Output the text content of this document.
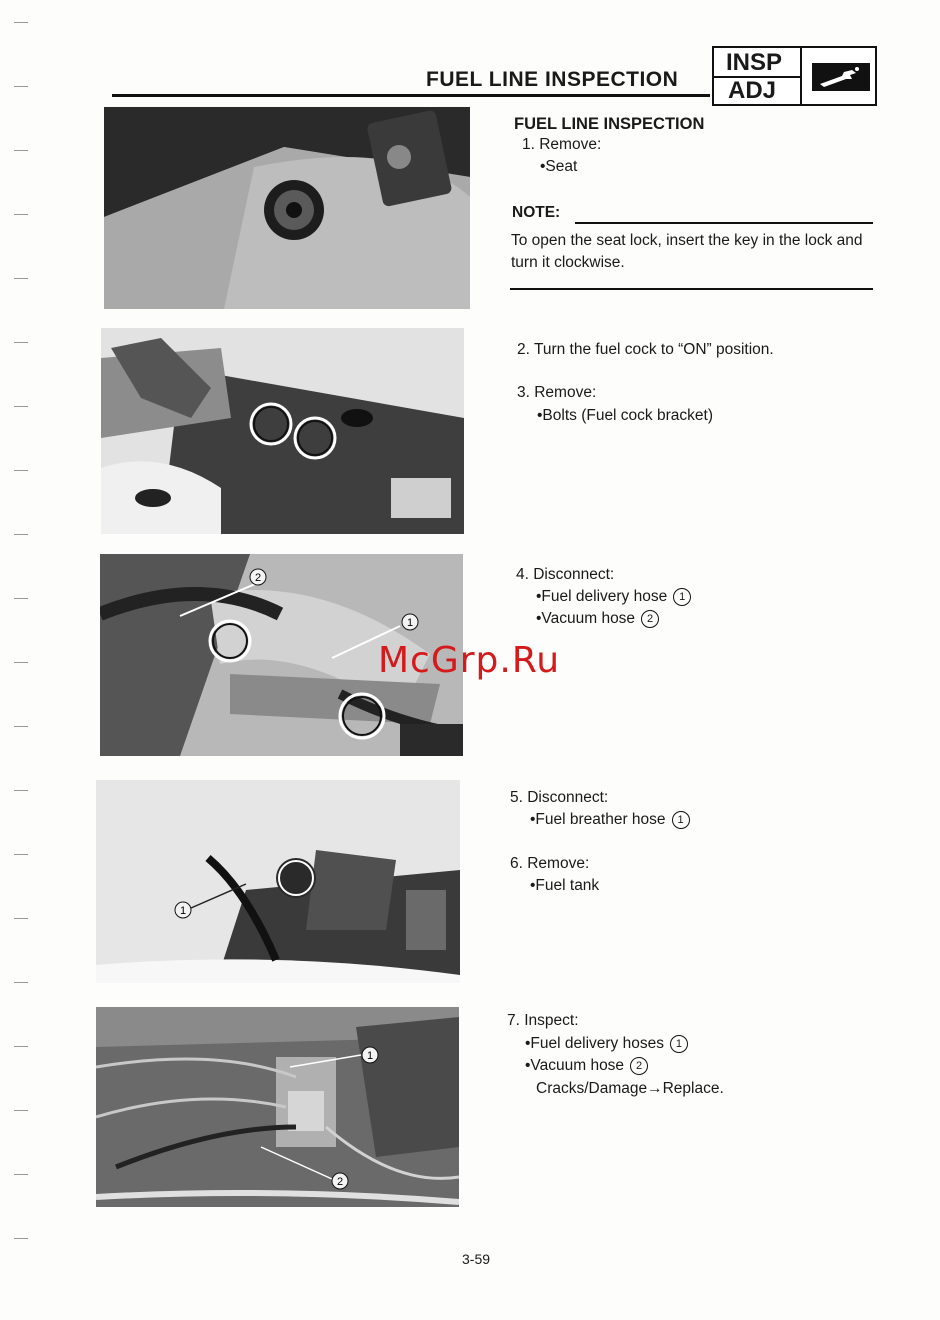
FUEL LINE INSPECTION
INSP
ADJ
2
1
1
1
2
FUEL LINE INSPECTION
1. Remove:
•Seat
NOTE:
To open the seat lock, insert the key in the lock and turn it clockwise.
2. Turn the fuel cock to “ON” position.
3. Remove:
•Bolts (Fuel cock bracket)
4. Disconnect:
•Fuel delivery hose 1
•Vacuum hose 2
McGrp.Ru
5. Disconnect:
•Fuel breather hose 1
6. Remove:
•Fuel tank
7. Inspect:
•Fuel delivery hoses 1
•Vacuum hose 2
Cracks/Damage→Replace.
3-59
